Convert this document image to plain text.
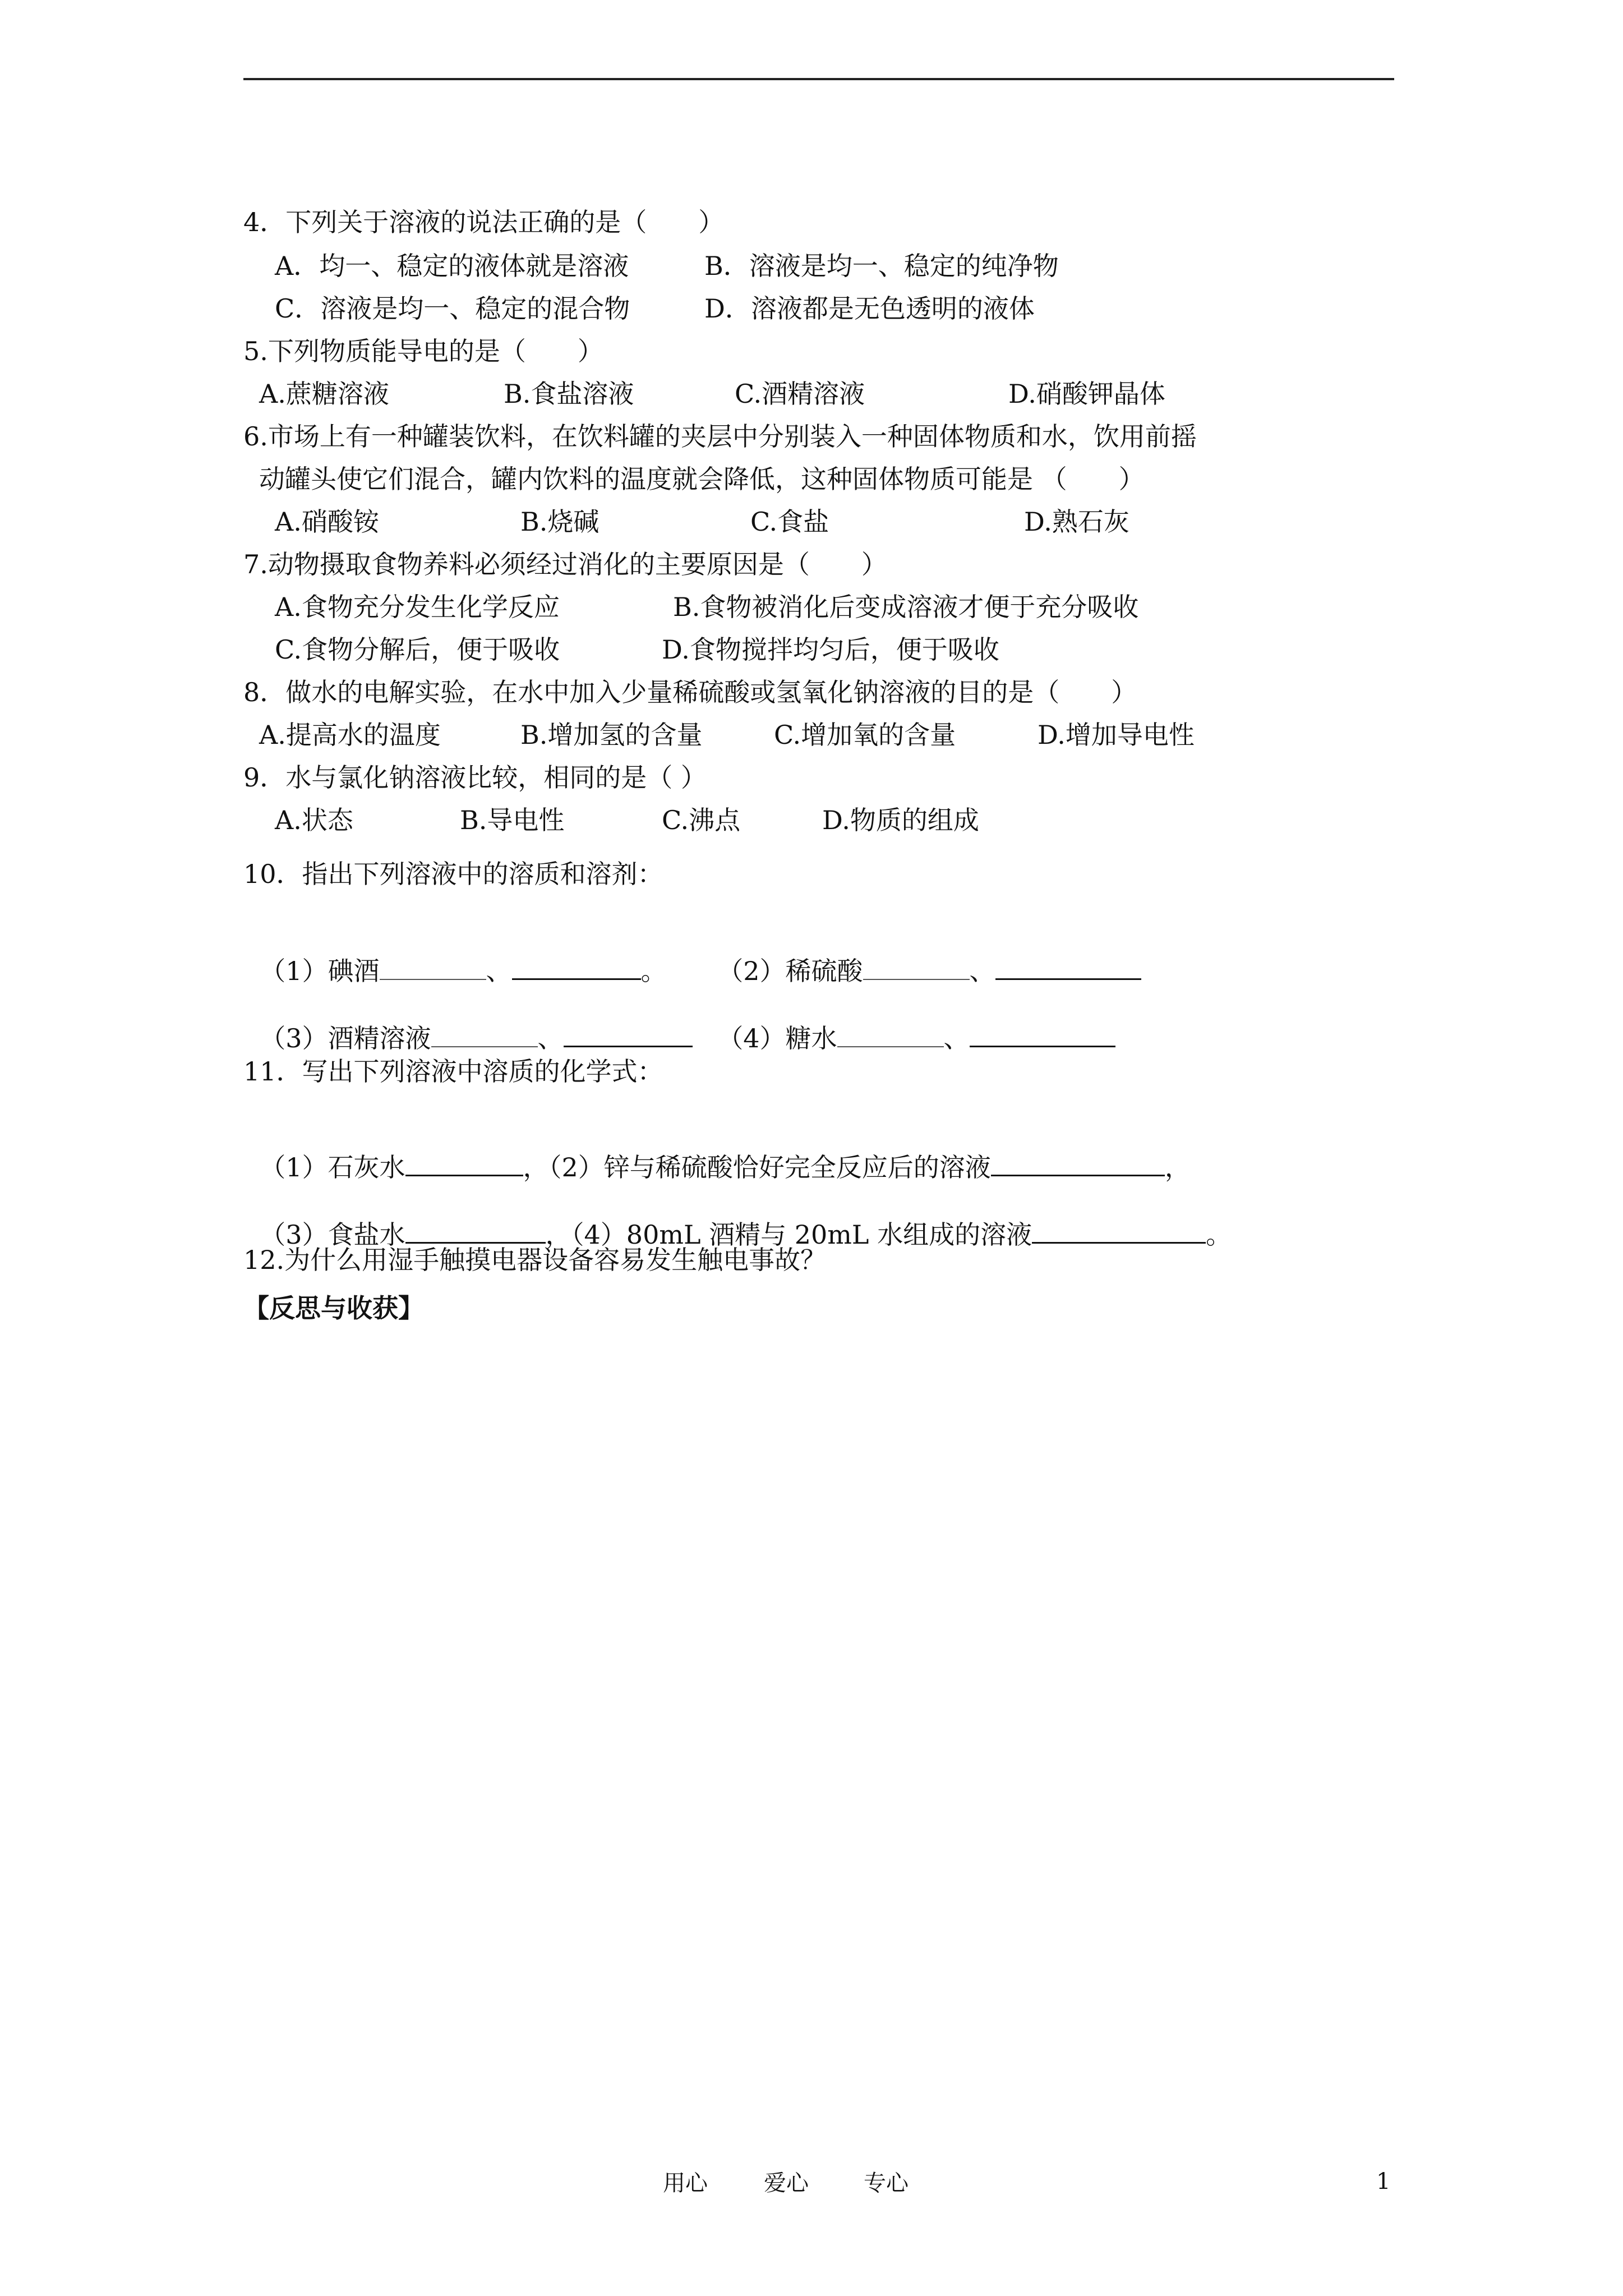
4．下列关于溶液的说法正确的是（　　）
A．均一、稳定的液体就是溶液	B．溶液是均一、稳定的纯净物
C．溶液是均一、稳定的混合物	D．溶液都是无色透明的液体
5.下列物质能导电的是（　　）
A.蔗糖溶液	B.食盐溶液	C.酒精溶液	D.硝酸钾晶体
6.市场上有一种罐装饮料，在饮料罐的夹层中分别装入一种固体物质和水，饮用前摇
动罐头使它们混合，罐内饮料的温度就会降低，这种固体物质可能是 （　　）
A.硝酸铵	B.烧碱	C.食盐	D.熟石灰
7.动物摄取食物养料必须经过消化的主要原因是（　　）
A.食物充分发生化学反应	B.食物被消化后变成溶液才便于充分吸收
C.食物分解后，便于吸收	D.食物搅拌均匀后，便于吸收
8．做水的电解实验，在水中加入少量稀硫酸或氢氧化钠溶液的目的是（　　）
A.提高水的温度	B.增加氢的含量	C.增加氧的含量	D.增加导电性
9．水与氯化钠溶液比较，相同的是（ ）
A.状态	B.导电性	C.沸点	D.物质的组成
10．指出下列溶液中的溶质和溶剂：

（1）碘酒	、	。	（2）稀硫酸	、

（3）酒精溶液	、	（4）糖水	、

11．写出下列溶液中溶质的化学式：

（1）石灰水	，（2）锌与稀硫酸恰好完全反应后的溶液	，

（3）食盐水	，（4）80mL 酒精与 20mL 水组成的溶液	。

12.为什么用湿手触摸电器设备容易发生触电事故？
【反思与收获】
用心	爱心 专心	1
